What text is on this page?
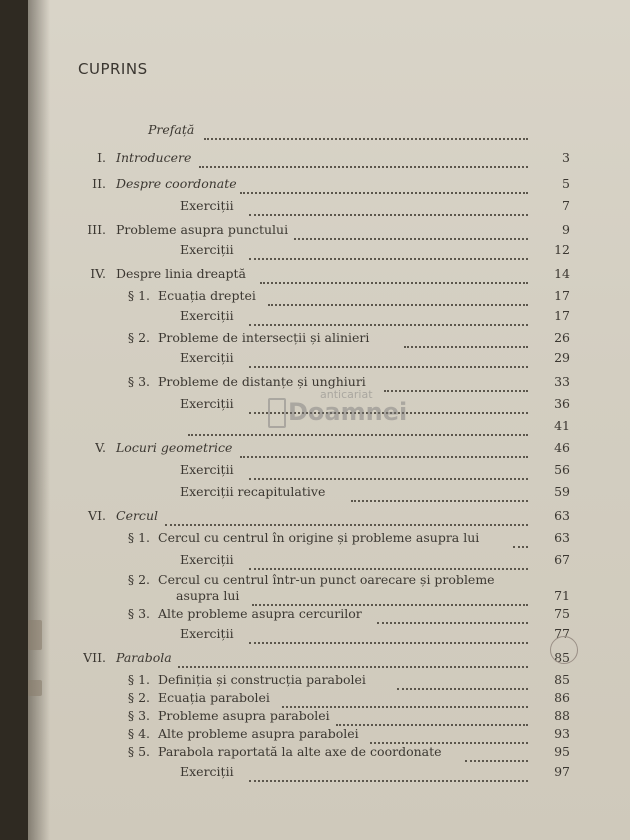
CUPRINS
Prefață
I. Introducere	3
II. Despre coordonate	5
Exerciții	7
III. Probleme asupra punctului	9
Exerciții	12
IV. Despre linia dreaptă	14
§ 1. Ecuația dreptei	17
Exerciții	17
§ 2. Probleme de intersecții și alinieri	26
Exerciții	29
§ 3. Probleme de distanțe și unghiuri	33
Exerciții	36
41
V. Locuri geometrice	46
Exerciții	56
Exerciții recapitulative	59
VI. Cercul	63
§ 1. Cercul cu centrul în origine și probleme asupra lui	63
Exerciții	67
§ 2. Cercul cu centrul într-un punct oarecare și probleme
asupra lui	71
§ 3. Alte probleme asupra cercurilor	75
Exerciții	77
VII. Parabola	85
§ 1. Definiția și construcția parabolei	85
§ 2. Ecuația parabolei	86
§ 3. Probleme asupra parabolei	88
§ 4. Alte probleme asupra parabolei	93
§ 5. Parabola raportată la alte axe de coordonate	95
Exerciții	97
anticariat
Doamnei
